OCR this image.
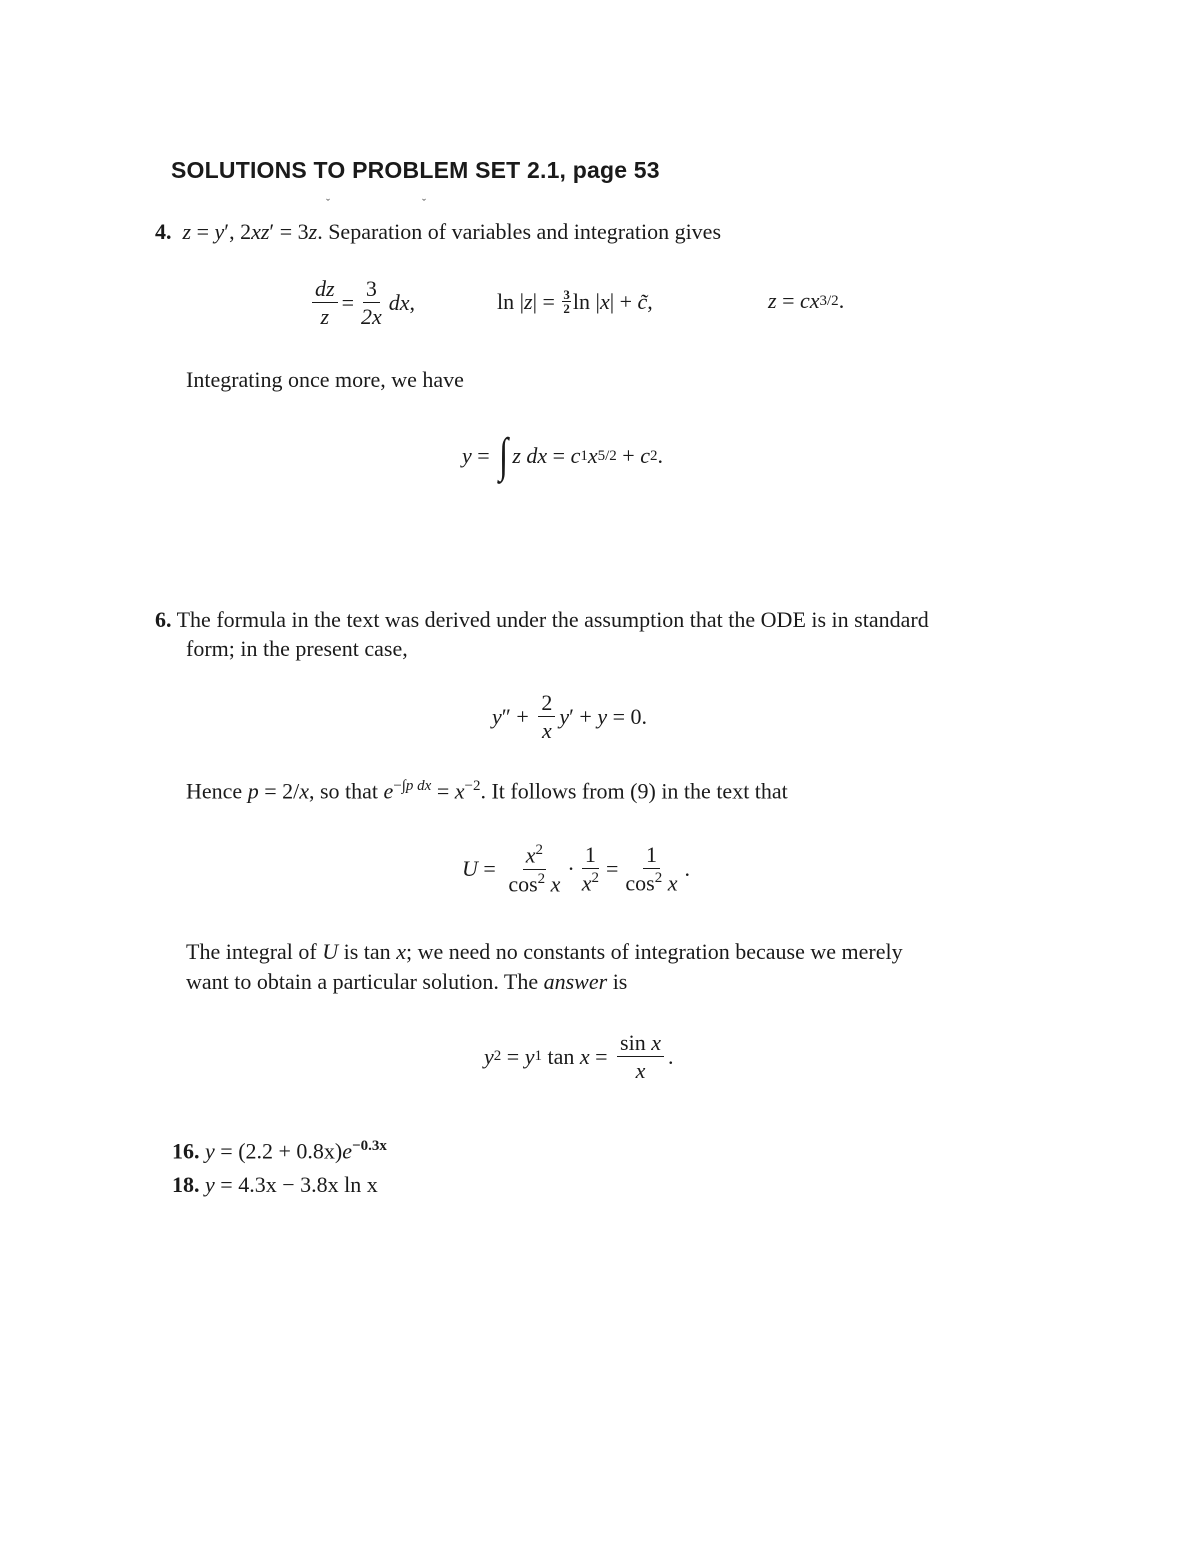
SOLUTIONS TO PROBLEM SET 2.1, page 53
ˇ	ˇ
4.  z = y′, 2xz′ = 3z. Separation of variables and integration gives
$\frac{dz}{z} = \frac{3}{2x}$ dx ,	ln | z | = $\frac{3}{2}$ ln | x | + c̃ ,	z = cx 3/2 .
Integrating once more, we have
y = ∫ z dx = c 1 x 5/2 + c 2 .
6. The formula in the text was derived under the assumption that the ODE is in standard
form; in the present case,
y ″ + $\frac{2}{x}$ y ′ + y = 0.
Hence p = 2/x, so that $e^{-\int p dx} = x^{-2}$. It follows from (9) in the text that
$U = \frac{x^2}{\cos^2 x} \cdot \frac{1}{x^2} = \frac{1}{\cos^2 x}$ .
The integral of U is tan x; we need no constants of integration because we merely
want to obtain a particular solution. The answer is
y 2 = y 1 $\tan x = \frac{\text{sin x}}{x}$ .
16. $y = (2.2 + 0.8x)e^{-0.3x}$
18. y = 4.3x − 3.8x ln x
